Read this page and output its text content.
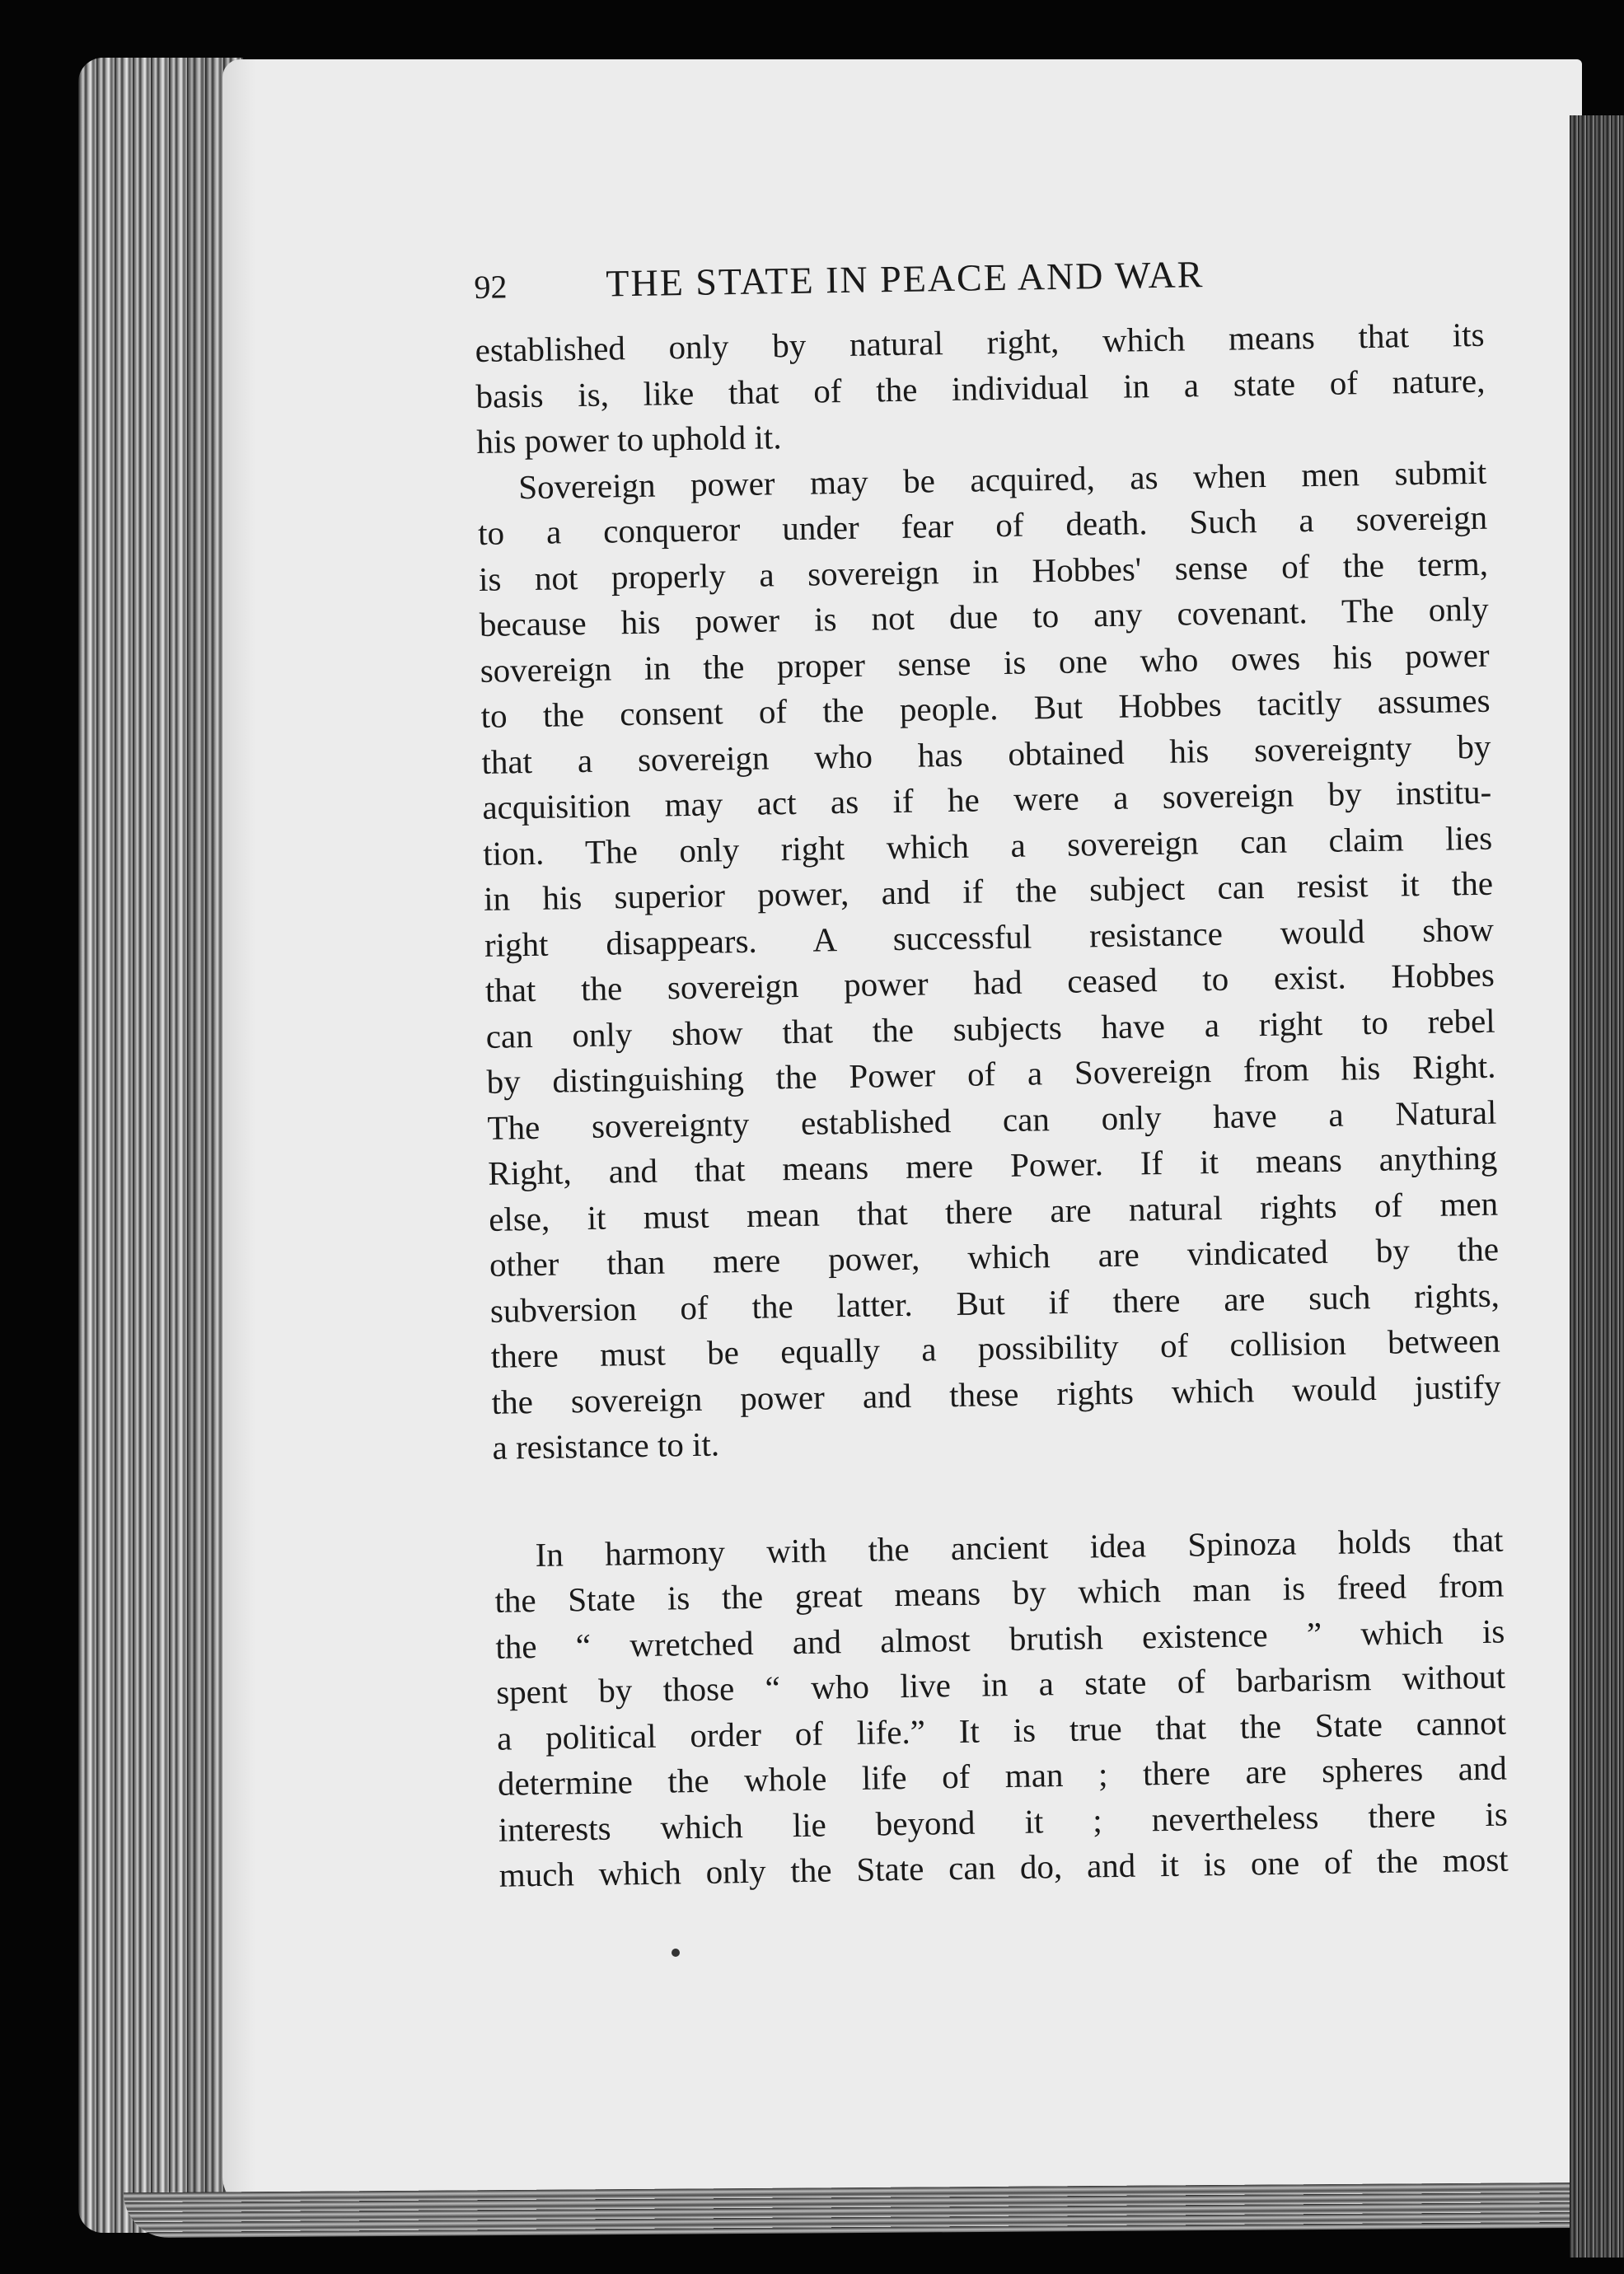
92	THE STATE IN PEACE AND WAR

established only by natural right, which means that its
basis is, like that of the individual in a state of nature,
his power to uphold it.

Sovereign power may be acquired, as when men submit
to a conqueror under fear of death. Such a sovereign
is not properly a sovereign in Hobbes' sense of the term,
because his power is not due to any covenant. The only
sovereign in the proper sense is one who owes his power
to the consent of the people. But Hobbes tacitly assumes
that a sovereign who has obtained his sovereignty by
acquisition may act as if he were a sovereign by institu-
tion. The only right which a sovereign can claim lies
in his superior power, and if the subject can resist it the
right disappears. A successful resistance would show
that the sovereign power had ceased to exist. Hobbes
can only show that the subjects have a right to rebel
by distinguishing the Power of a Sovereign from his Right.
The sovereignty established can only have a Natural
Right, and that means mere Power. If it means anything
else, it must mean that there are natural rights of men
other than mere power, which are vindicated by the
subversion of the latter. But if there are such rights,
there must be equally a possibility of collision between
the sovereign power and these rights which would justify
a resistance to it.

In harmony with the ancient idea Spinoza holds that
the State is the great means by which man is freed from
the “ wretched and almost brutish existence ” which is
spent by those “ who live in a state of barbarism without
a political order of life.” It is true that the State cannot
determine the whole life of man ; there are spheres and
interests which lie beyond it ; nevertheless there is
much which only the State can do, and it is one of the most
